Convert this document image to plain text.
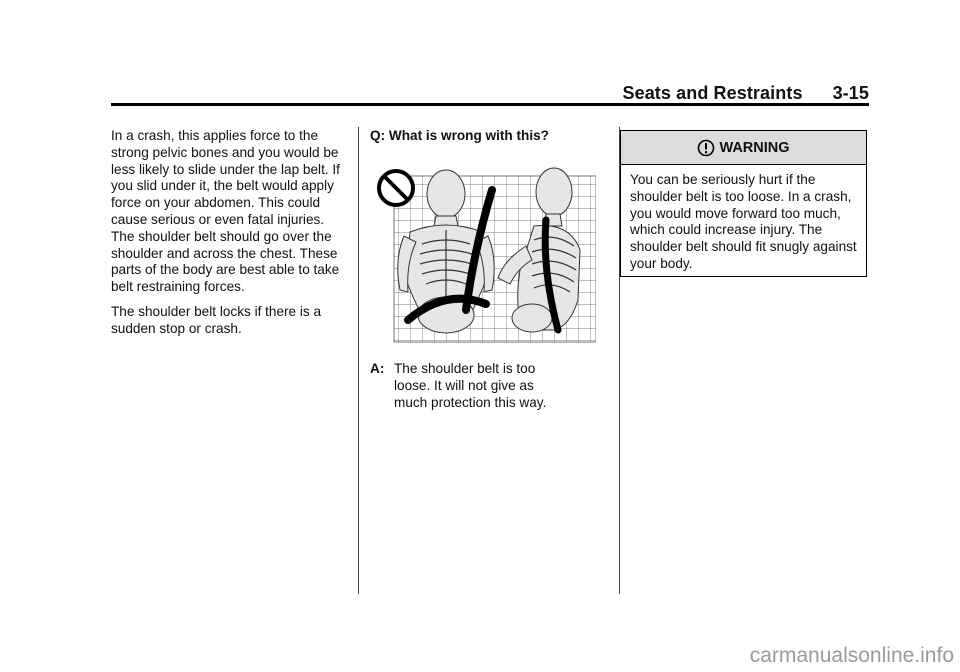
Seats and Restraints 3-15

In a crash, this applies force to the strong pelvic bones and you would be less likely to slide under the lap belt. If you slid under it, the belt would apply force on your abdomen. This could cause serious or even fatal injuries. The shoulder belt should go over the shoulder and across the chest. These parts of the body are best able to take belt restraining forces.

The shoulder belt locks if there is a sudden stop or crash.

Q: What is wrong with this?
A: The shoulder belt is too loose. It will not give as much protection this way.
WARNING
You can be seriously hurt if the shoulder belt is too loose. In a crash, you would move forward too much, which could increase injury. The shoulder belt should fit snugly against your body.
carmanualsonline.info
